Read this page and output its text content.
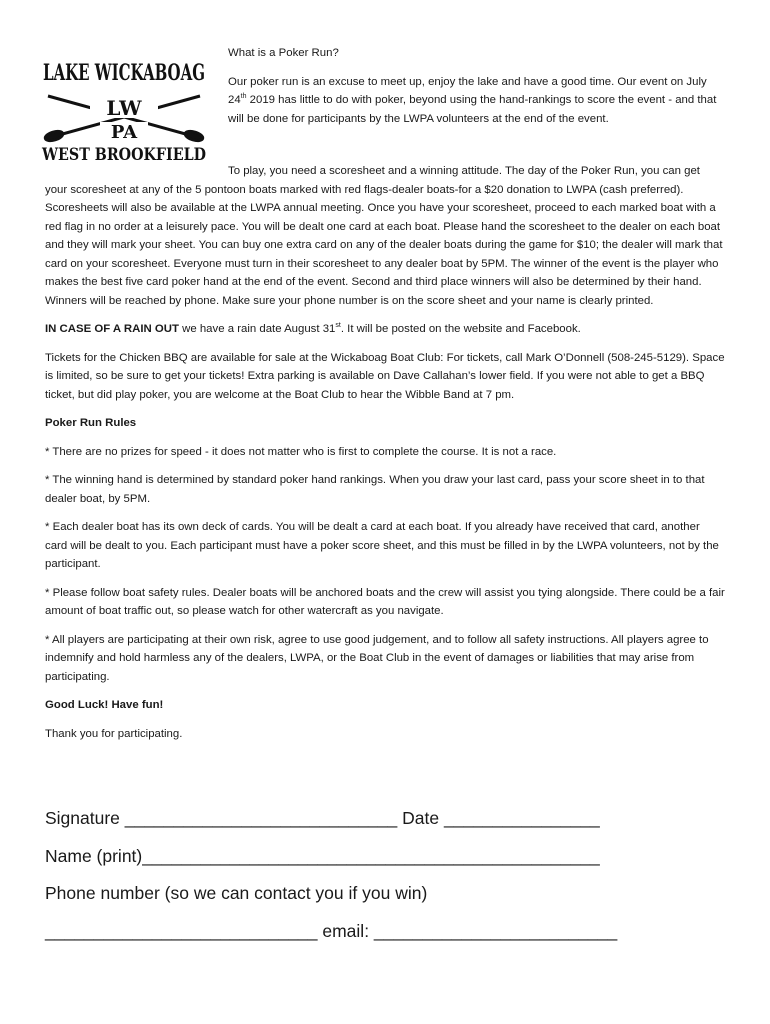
LAKE WICKABOAG
LW
PA
WEST BROOKFIELD

What is a Poker Run?

Our poker run is an excuse to meet up, enjoy the lake and have a good time. Our event on July 24th 2019 has little to do with poker, beyond using the hand-rankings to score the event - and that will be done for participants by the LWPA volunteers at the end of the event.

To play, you need a scoresheet and a winning attitude. The day of the Poker Run, you can get your scoresheet at any of the 5 pontoon boats marked with red flags-dealer boats-for a $20 donation to LWPA (cash preferred). Scoresheets will also be available at the LWPA annual meeting. Once you have your scoresheet, proceed to each marked boat with a red flag in no order at a leisurely pace. You will be dealt one card at each boat. Please hand the scoresheet to the dealer on each boat and they will mark your sheet. You can buy one extra card on any of the dealer boats during the game for $10; the dealer will mark that card on your scoresheet. Everyone must turn in their scoresheet to any dealer boat by 5PM. The winner of the event is the player who makes the best five card poker hand at the end of the event. Second and third place winners will also be determined by their hand. Winners will be reached by phone. Make sure your phone number is on the score sheet and your name is clearly printed.

IN CASE OF A RAIN OUT we have a rain date August 31st. It will be posted on the website and Facebook.

Tickets for the Chicken BBQ are available for sale at the Wickaboag Boat Club: For tickets, call Mark O’Donnell (508-245-5129). Space is limited, so be sure to get your tickets! Extra parking is available on Dave Callahan’s lower field. If you were not able to get a BBQ ticket, but did play poker, you are welcome at the Boat Club to hear the Wibble Band at 7 pm.

Poker Run Rules

* There are no prizes for speed - it does not matter who is first to complete the course. It is not a race.

* The winning hand is determined by standard poker hand rankings. When you draw your last card, pass your score sheet in to that dealer boat, by 5PM.

* Each dealer boat has its own deck of cards. You will be dealt a card at each boat. If you already have received that card, another card will be dealt to you. Each participant must have a poker score sheet, and this must be filled in by the LWPA volunteers, not by the participant.

* Please follow boat safety rules. Dealer boats will be anchored boats and the crew will assist you tying alongside. There could be a fair amount of boat traffic out, so please watch for other watercraft as you navigate.

* All players are participating at their own risk, agree to use good judgement, and to follow all safety instructions. All players agree to indemnify and hold harmless any of the dealers, LWPA, or the Boat Club in the event of damages or liabilities that may arise from participating.

Good Luck! Have fun!

Thank you for participating.

Signature ____________________________ Date ________________
Name (print)_______________________________________________
Phone number (so we can contact you if you win)
____________________________ email: _________________________
